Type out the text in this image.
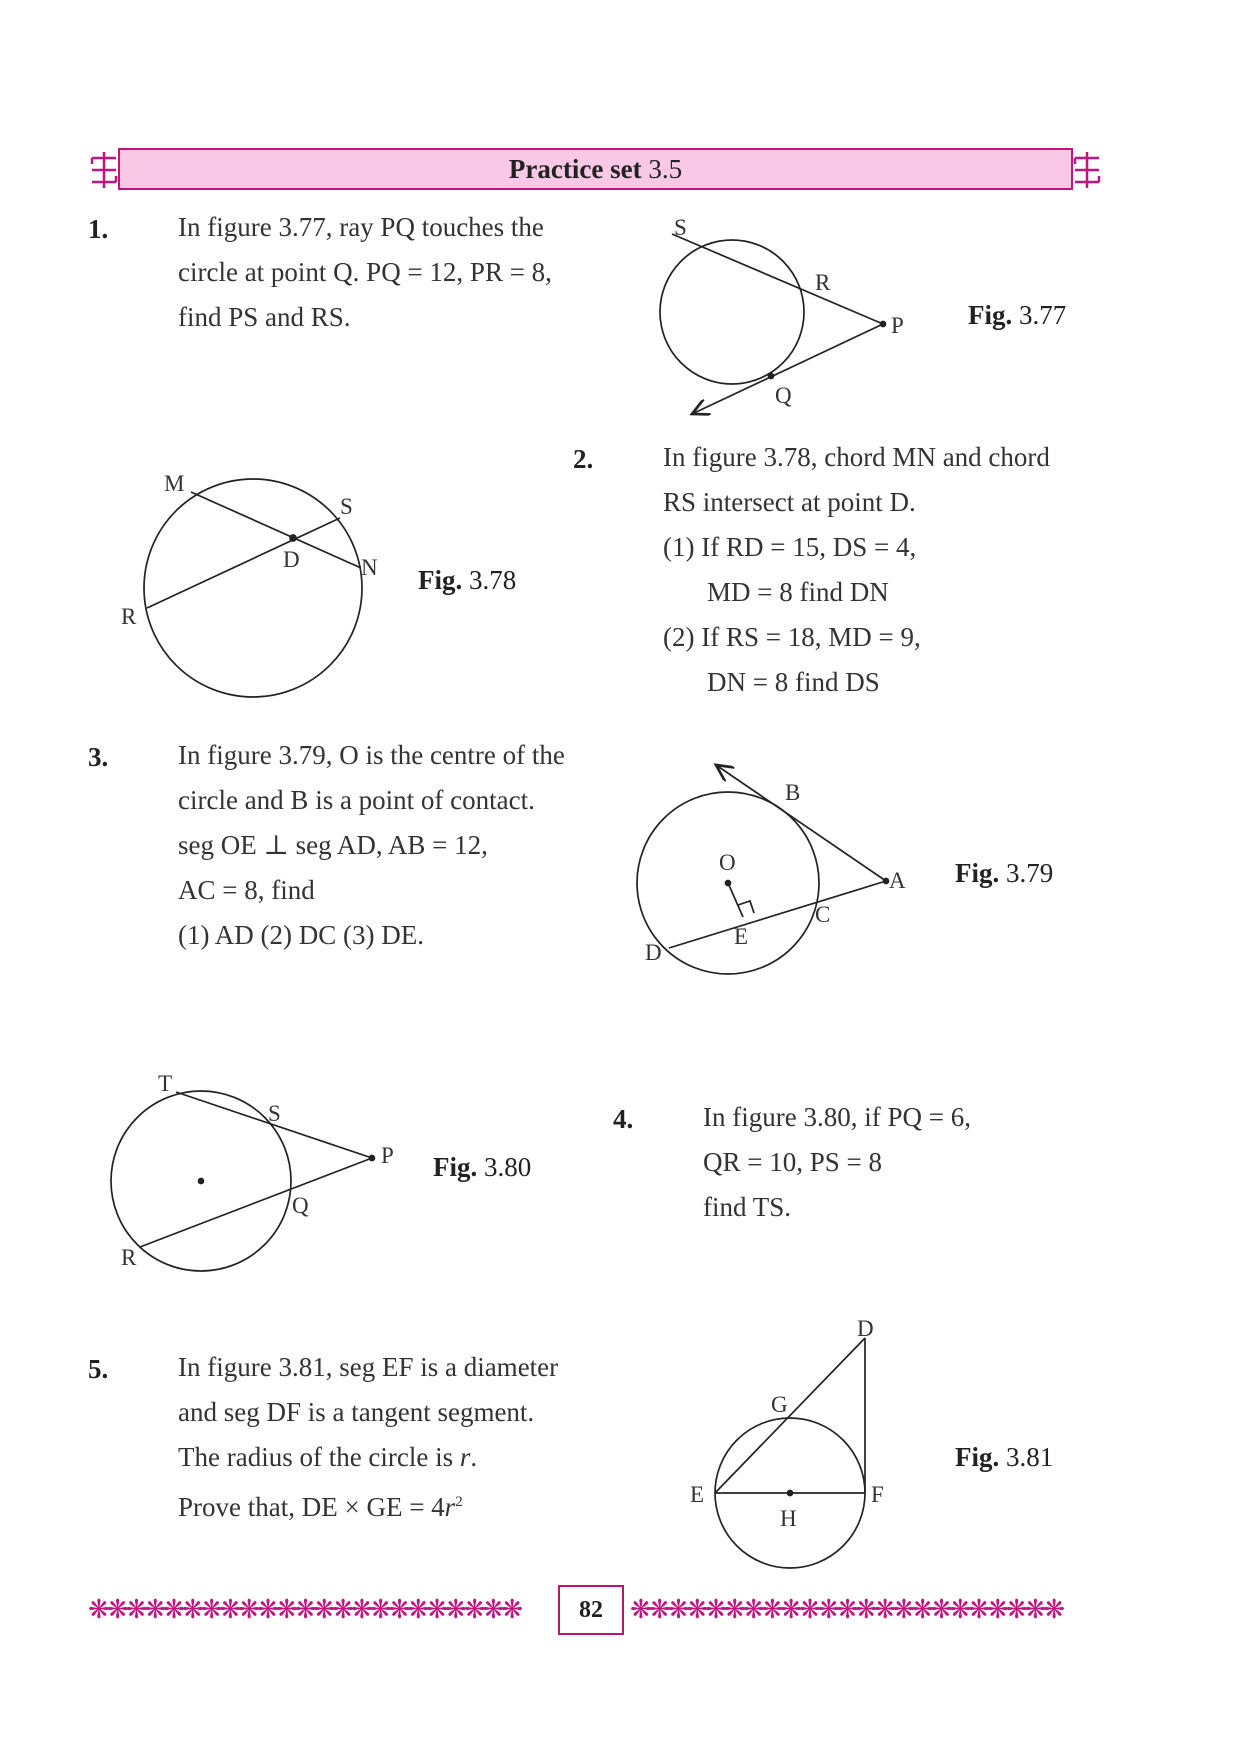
Practice set 3.5
1.	In figure 3.77, ray PQ touches the
circle at point Q. PQ = 12, PR = 8,
find PS and RS.
2.	In figure 3.78, chord MN and chord
RS intersect at point D.
(1) If RD = 15, DS = 4,
MD = 8 find DN
(2) If RS = 18, MD = 9,
DN = 8 find DS
3.	In figure 3.79, O is the centre of the
circle and B is a point of contact.
seg OE ⊥ seg AD, AB = 12,
AC = 8, find
(1) AD (2) DC (3) DE.
4.	In figure 3.80, if PQ = 6,
QR = 10, PS = 8
find TS.
5.	In figure 3.81, seg EF is a diameter
and seg DF is a tangent segment.
The radius of the circle is r.
Prove that, DE × GE = $4r^2$
Fig. 3.77
Fig. 3.78
Fig. 3.79
Fig. 3.80
Fig. 3.81
S
R
P
Q
M
S
D	N
R
B
O
A
C
E
D
T
S
P
Q
R
D
G
E
H
F
❋❋❋❋❋❋❋❋❋❋❋❋❋❋❋❋❋❋❋❋❋❋❋	82	❋❋❋❋❋❋❋❋❋❋❋❋❋❋❋❋❋❋❋❋❋❋❋
